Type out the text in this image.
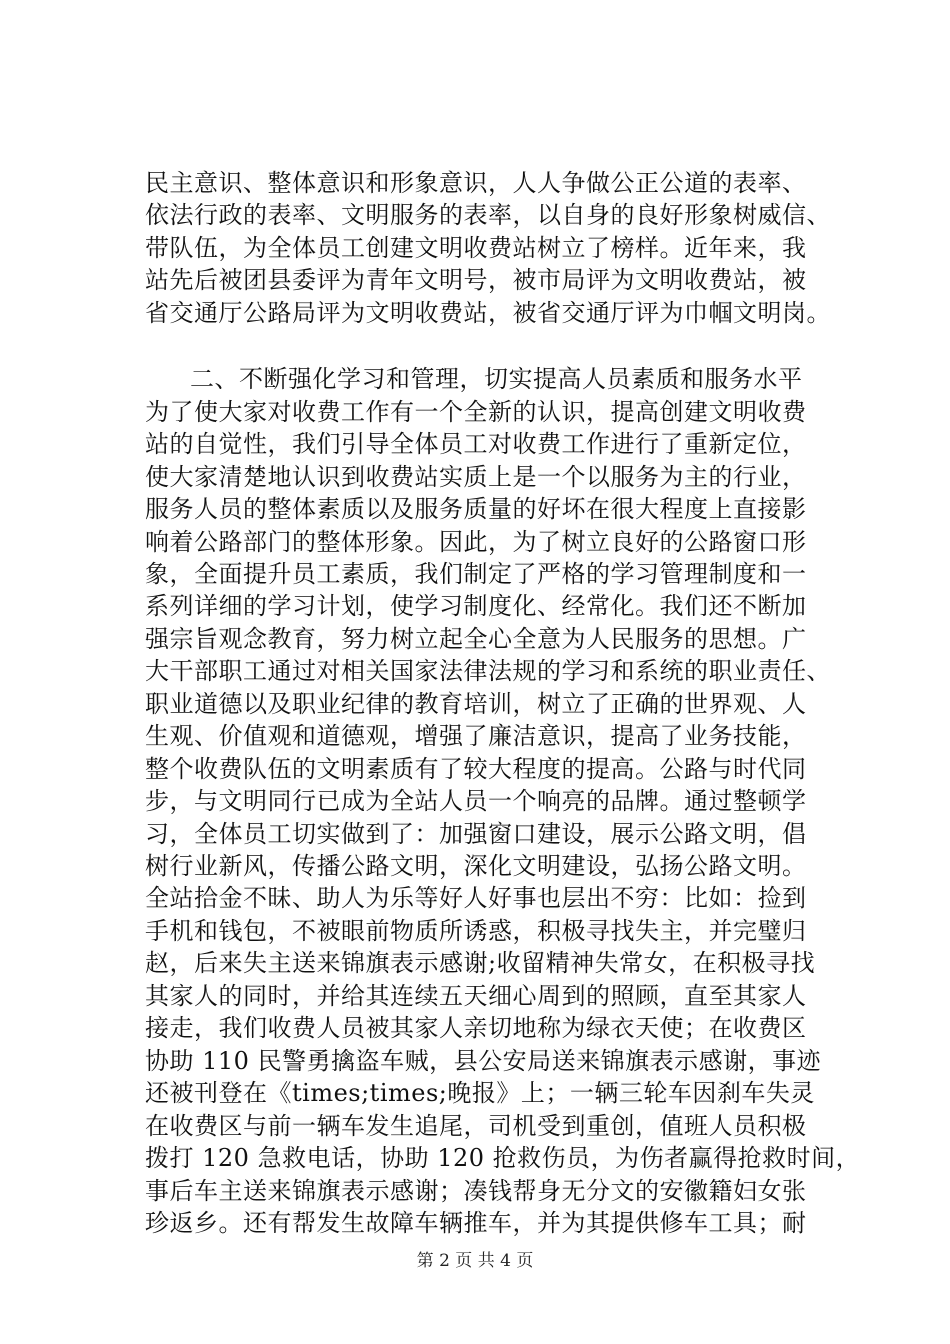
民主意识、整体意识和形象意识，人人争做公正公道的表率、
依法行政的表率、文明服务的表率，以自身的良好形象树威信、
带队伍，为全体员工创建文明收费站树立了榜样。近年来，我
站先后被团县委评为青年文明号，被市局评为文明收费站，被
省交通厅公路局评为文明收费站，被省交通厅评为巾帼文明岗。
二、不断强化学习和管理，切实提高人员素质和服务水平
为了使大家对收费工作有一个全新的认识，提高创建文明收费
站的自觉性，我们引导全体员工对收费工作进行了重新定位，
使大家清楚地认识到收费站实质上是一个以服务为主的行业，
服务人员的整体素质以及服务质量的好坏在很大程度上直接影
响着公路部门的整体形象。因此，为了树立良好的公路窗口形
象，全面提升员工素质，我们制定了严格的学习管理制度和一
系列详细的学习计划，使学习制度化、经常化。我们还不断加
强宗旨观念教育，努力树立起全心全意为人民服务的思想。广
大干部职工通过对相关国家法律法规的学习和系统的职业责任、
职业道德以及职业纪律的教育培训，树立了正确的世界观、人
生观、价值观和道德观，增强了廉洁意识，提高了业务技能，
整个收费队伍的文明素质有了较大程度的提高。公路与时代同
步，与文明同行已成为全站人员一个响亮的品牌。通过整顿学
习，全体员工切实做到了：加强窗口建设，展示公路文明，倡
树行业新风，传播公路文明，深化文明建设，弘扬公路文明。
全站拾金不昧、助人为乐等好人好事也层出不穷：比如：捡到
手机和钱包，不被眼前物质所诱惑，积极寻找失主，并完璧归
赵，后来失主送来锦旗表示感谢;收留精神失常女，在积极寻找
其家人的同时，并给其连续五天细心周到的照顾，直至其家人
接走，我们收费人员被其家人亲切地称为绿衣天使；在收费区
协助 110 民警勇擒盗车贼，县公安局送来锦旗表示感谢，事迹
还被刊登在《times;times;晚报》上；一辆三轮车因刹车失灵
在收费区与前一辆车发生追尾，司机受到重创，值班人员积极
拨打 120 急救电话，协助 120 抢救伤员，为伤者赢得抢救时间，
事后车主送来锦旗表示感谢；凑钱帮身无分文的安徽籍妇女张
珍返乡。还有帮发生故障车辆推车，并为其提供修车工具；耐
第 2 页 共 4 页
